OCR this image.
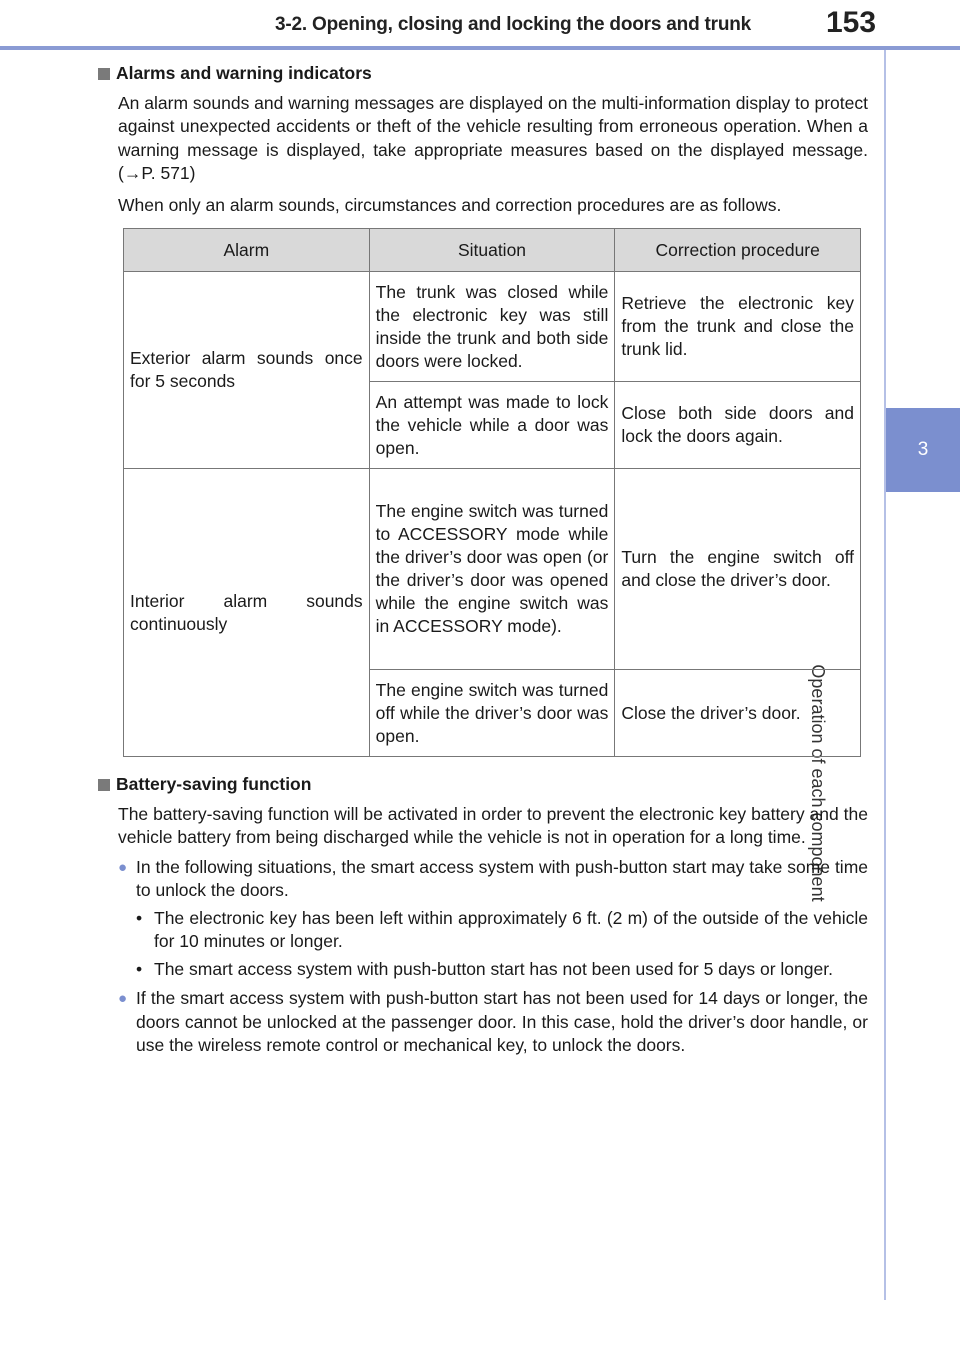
3-2. Opening, closing and locking the doors and trunk 153
3
Operation of each component
Alarms and warning indicators

An alarm sounds and warning messages are displayed on the multi-information display to protect against unexpected accidents or theft of the vehicle resulting from erroneous operation. When a warning message is displayed, take appropriate measures based on the displayed message. (→P. 571)

When only an alarm sounds, circumstances and correction procedures are as follows.

Alarm	Situation	Correction procedure
Exterior alarm sounds once for 5 seconds	The trunk was closed while the electronic key was still inside the trunk and both side doors were locked.	Retrieve the electronic key from the trunk and close the trunk lid.
	An attempt was made to lock the vehicle while a door was open.	Close both side doors and lock the doors again.
Interior alarm sounds continuously	The engine switch was turned to ACCESSORY mode while the driver’s door was open (or the driver’s door was opened while the engine switch was in ACCESSORY mode).	Turn the engine switch off and close the driver’s door.
	The engine switch was turned off while the driver’s door was open.	Close the driver’s door.
Battery-saving function

The battery-saving function will be activated in order to prevent the electronic key battery and the vehicle battery from being discharged while the vehicle is not in operation for a long time.

● In the following situations, the smart access system with push-button start may take some time to unlock the doors.
• The electronic key has been left within approximately 6 ft. (2 m) of the outside of the vehicle for 10 minutes or longer.
• The smart access system with push-button start has not been used for 5 days or longer.
● If the smart access system with push-button start has not been used for 14 days or longer, the doors cannot be unlocked at the passenger door. In this case, hold the driver’s door handle, or use the wireless remote control or mechanical key, to unlock the doors.
